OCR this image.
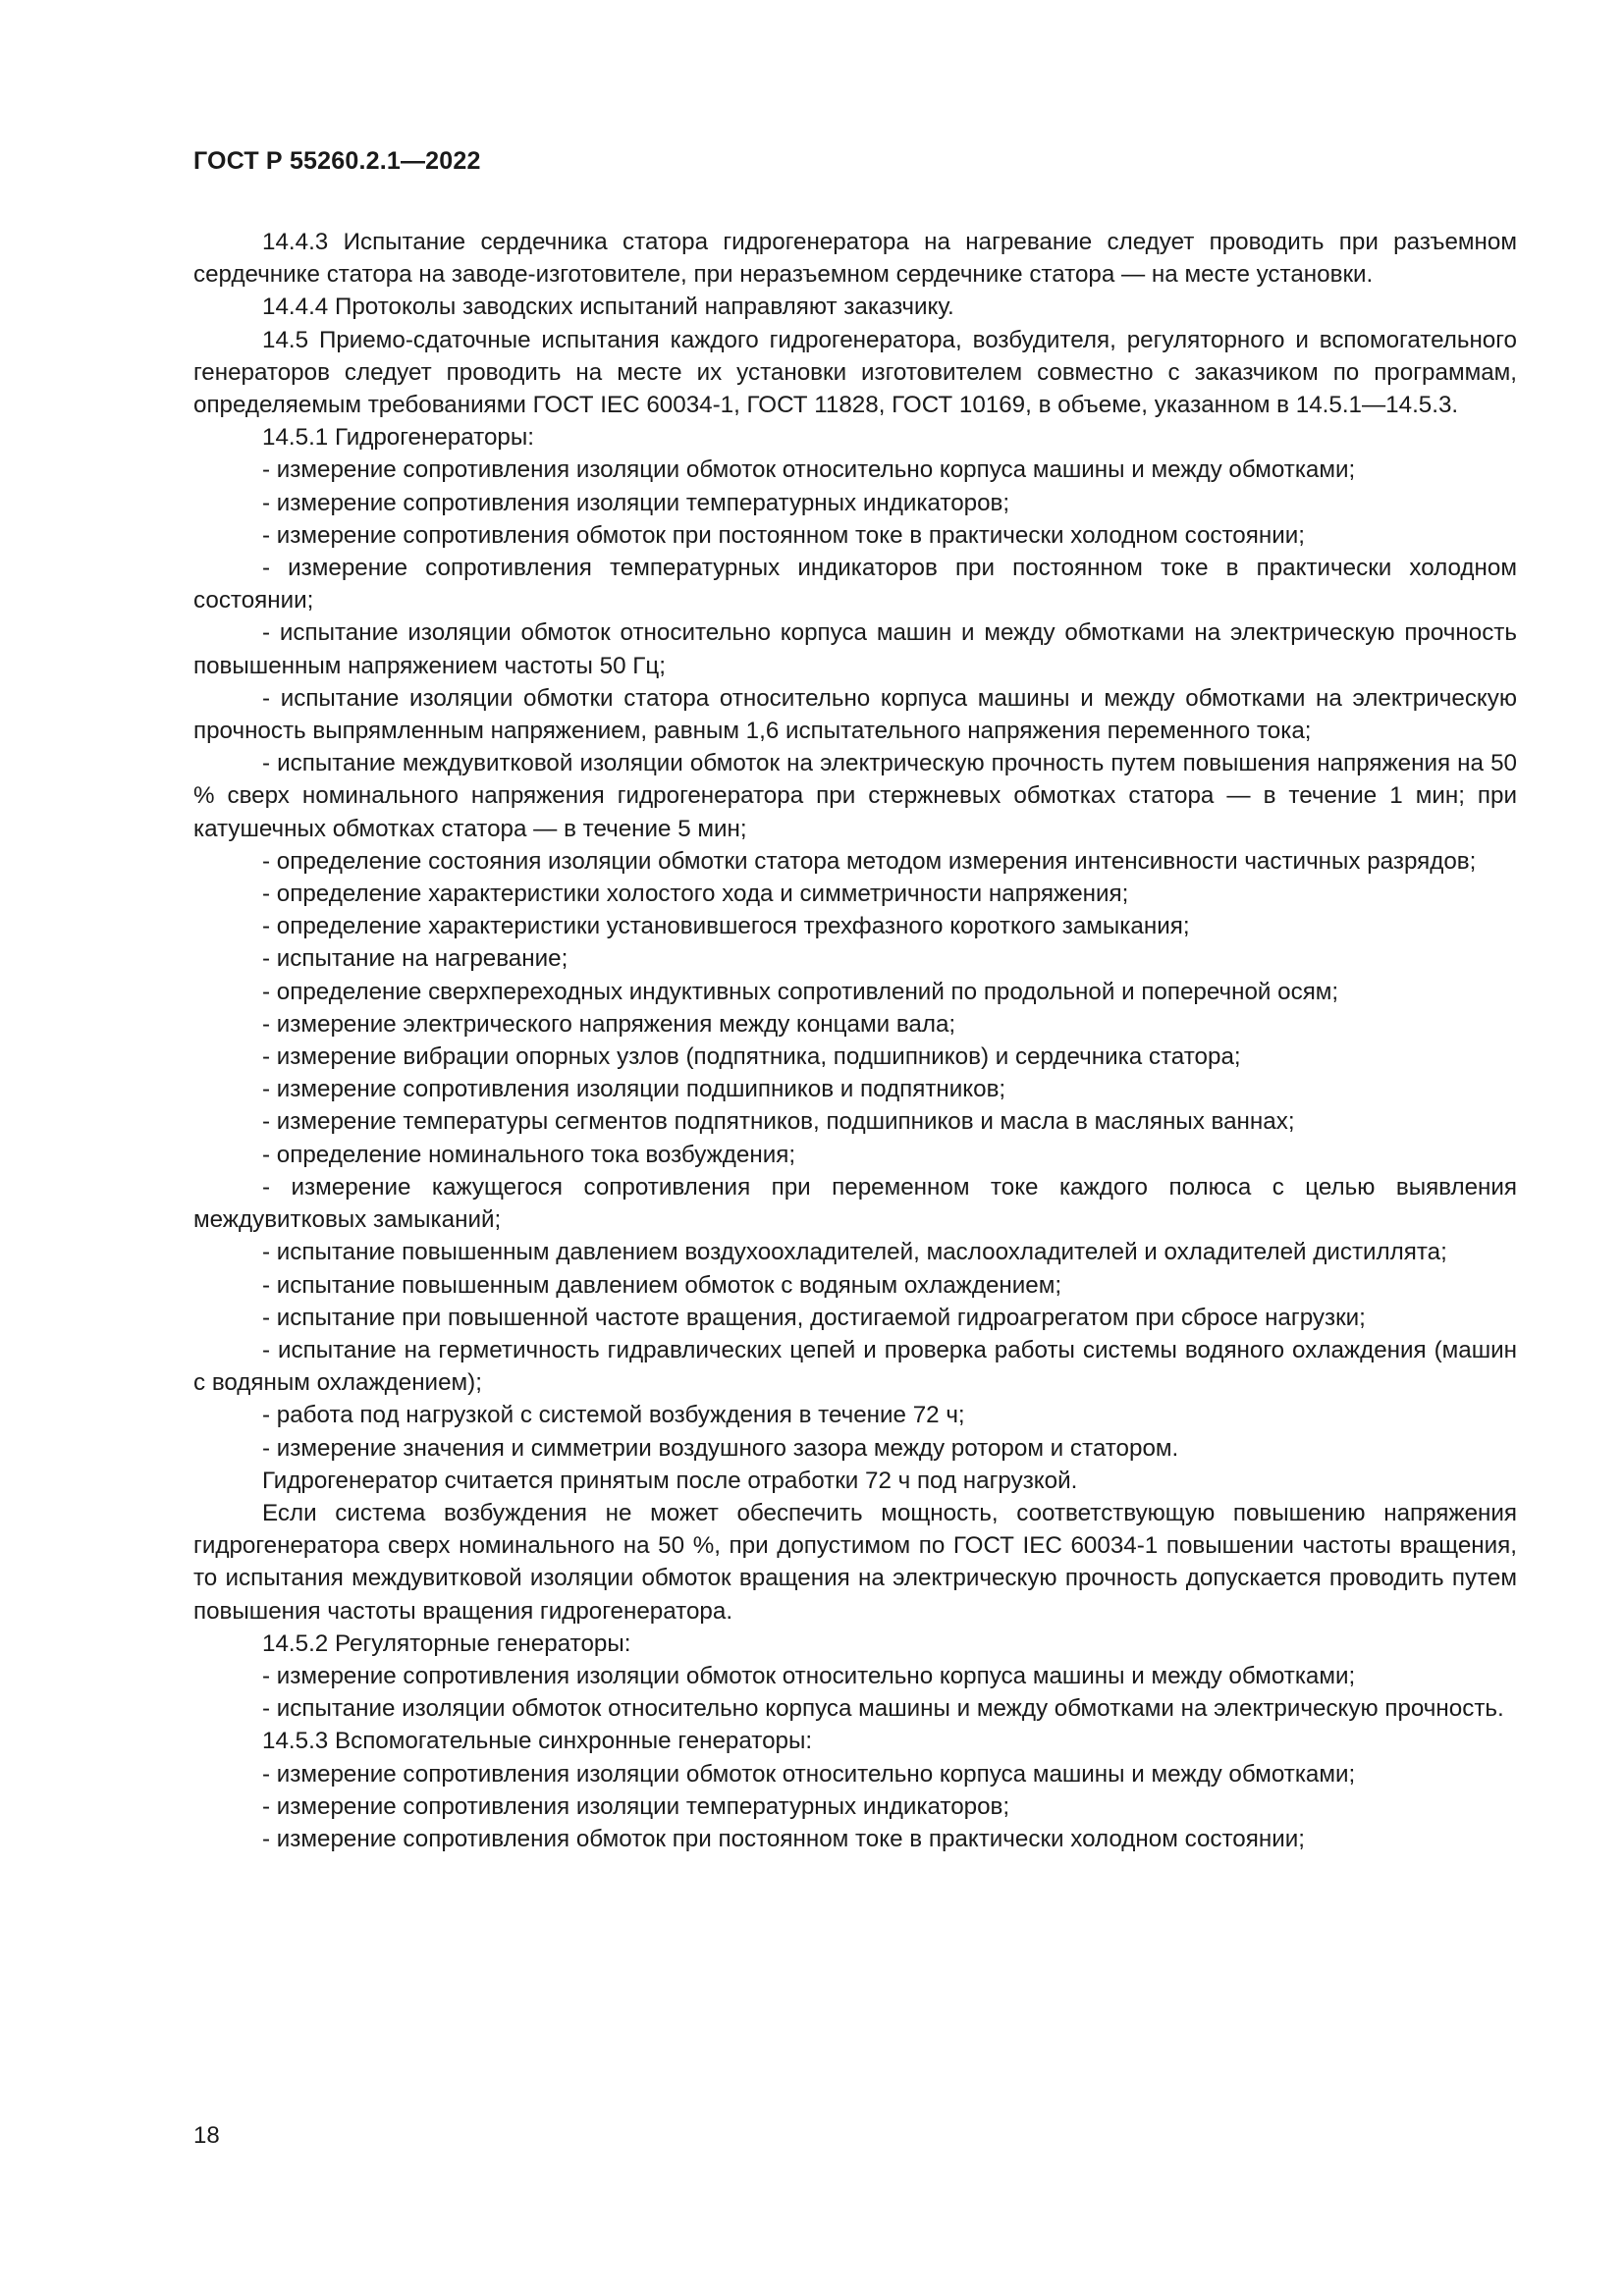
ГОСТ Р 55260.2.1—2022

14.4.3 Испытание сердечника статора гидрогенератора на нагревание следует проводить при разъемном сердечнике статора на заводе-изготовителе, при неразъемном сердечнике статора — на месте установки.

14.4.4 Протоколы заводских испытаний направляют заказчику.

14.5 Приемо-сдаточные испытания каждого гидрогенератора, возбудителя, регуляторного и вспомогательного генераторов следует проводить на месте их установки изготовителем совместно с заказчиком по программам, определяемым требованиями ГОСТ IEC 60034-1, ГОСТ 11828, ГОСТ 10169, в объеме, указанном в 14.5.1—14.5.3.

14.5.1 Гидрогенераторы:

- измерение сопротивления изоляции обмоток относительно корпуса машины и между обмотками;

- измерение сопротивления изоляции температурных индикаторов;

- измерение сопротивления обмоток при постоянном токе в практически холодном состоянии;

- измерение сопротивления температурных индикаторов при постоянном токе в практически холодном состоянии;

- испытание изоляции обмоток относительно корпуса машин и между обмотками на электрическую прочность повышенным напряжением частоты 50 Гц;

- испытание изоляции обмотки статора относительно корпуса машины и между обмотками на электрическую прочность выпрямленным напряжением, равным 1,6 испытательного напряжения переменного тока;

- испытание междувитковой изоляции обмоток на электрическую прочность путем повышения напряжения на 50 % сверх номинального напряжения гидрогенератора при стержневых обмотках статора — в течение 1 мин; при катушечных обмотках статора — в течение 5 мин;

- определение состояния изоляции обмотки статора методом измерения интенсивности частичных разрядов;

- определение характеристики холостого хода и симметричности напряжения;

- определение характеристики установившегося трехфазного короткого замыкания;

- испытание на нагревание;

- определение сверхпереходных индуктивных сопротивлений по продольной и поперечной осям;

- измерение электрического напряжения между концами вала;

- измерение вибрации опорных узлов (подпятника, подшипников) и сердечника статора;

- измерение сопротивления изоляции подшипников и подпятников;

- измерение температуры сегментов подпятников, подшипников и масла в масляных ваннах;

- определение номинального тока возбуждения;

- измерение кажущегося сопротивления при переменном токе каждого полюса с целью выявления междувитковых замыканий;

- испытание повышенным давлением воздухоохладителей, маслоохладителей и охладителей дистиллята;

- испытание повышенным давлением обмоток с водяным охлаждением;

- испытание при повышенной частоте вращения, достигаемой гидроагрегатом при сбросе нагрузки;

- испытание на герметичность гидравлических цепей и проверка работы системы водяного охлаждения (машин с водяным охлаждением);

- работа под нагрузкой с системой возбуждения в течение 72 ч;

- измерение значения и симметрии воздушного зазора между ротором и статором.

Гидрогенератор считается принятым после отработки 72 ч под нагрузкой.

Если система возбуждения не может обеспечить мощность, соответствующую повышению напряжения гидрогенератора сверх номинального на 50 %, при допустимом по ГОСТ IEC 60034-1 повышении частоты вращения, то испытания междувитковой изоляции обмоток вращения на электрическую прочность допускается проводить путем повышения частоты вращения гидрогенератора.

14.5.2 Регуляторные генераторы:

- измерение сопротивления изоляции обмоток относительно корпуса машины и между обмотками;

- испытание изоляции обмоток относительно корпуса машины и между обмотками на электрическую прочность.

14.5.3 Вспомогательные синхронные генераторы:

- измерение сопротивления изоляции обмоток относительно корпуса машины и между обмотками;

- измерение сопротивления изоляции температурных индикаторов;

- измерение сопротивления обмоток при постоянном токе в практически холодном состоянии;

18
